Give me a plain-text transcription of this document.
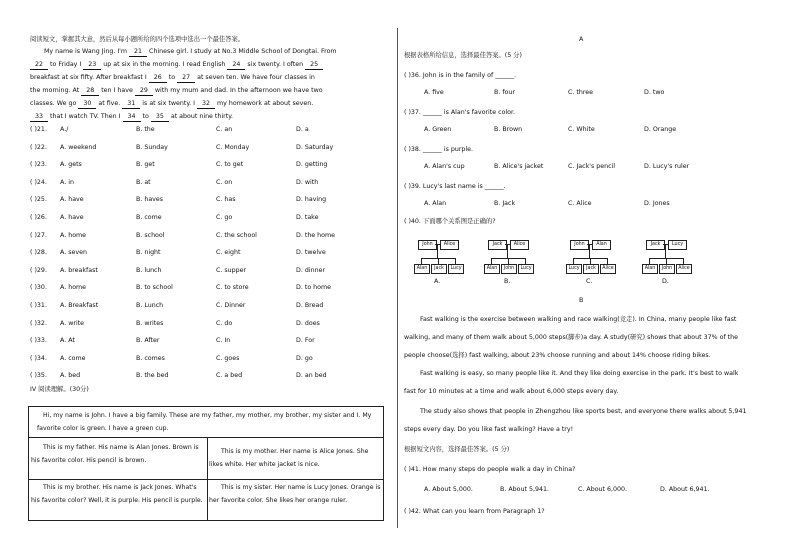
阅读短文，掌握其大意，然后从每小题所给的四个选项中选出一个最佳答案。
My name is Wang Jing. I'm 21 Chinese girl. I study at No.3 Middle School of Dongtai. From
22 to Friday I 23 up at six in the morning. I read English 24 six twenty. I often 25
breakfast at six fifty. After breakfast I 26 to 27 at seven ten. We have four classes in
the morning. At 28 ten I have 29 with my mum and dad. In the afternoon we have two
classes. We go 30 at five. 31 is at six twenty. I 32 my homework at about seven.
33 that I watch TV. Then I 34 to 35 at about nine thirty.
( )21. A./	B. the	C. an	D. a
( )22. A. weekend	B. Sunday	C. Monday	D. Saturday
( )23. A. gets	B. get	C. to get	D. getting
( )24. A. in	B. at	C. on	D. with
( )25. A. have	B. haves	C. has	D. having
( )26. A. have	B. come	C. go	D. take
( )27. A. home	B. school	C. the school	D. the home
( )28. A. seven	B. night	C. eight	D. twelve
( )29. A. breakfast	B. lunch	C. supper	D. dinner
( )30. A. home	B. to school	C. to store	D. to home
( )31. A. Breakfast	B. Lunch	C. Dinner	D. Bread
( )32. A. write	B. writes	C. do	D. does
( )33. A. At	B. After	C. In	D. For
( )34. A. come	B. comes	C. goes	D. go
( )35. A. bed	B. the bed	C. a bed	D. an bed
IV 阅读理解。(30分)
Hi, my name is John. I have a big family. These are my father, my mother, my brother, my sister and I. My favorite color is green. I have a green cup.
This is my father. His name is Alan Jones. Brown is his favorite color. His pencil is brown.
This is my mother. Her name is Alice Jones. She likes white. Her white jacket is nice.
This is my brother. His name is Jack Jones. What's his favorite color? Well, it is purple. His pencil is purple.
This is my sister. Her name is Lucy Jones. Orange is her favorite color. She likes her orange ruler.
A
根据表格所给信息，选择最佳答案。(5 分)
( )36. John is in the family of ______.
A. five	B. four	C. three	D. two
( )37. ______ is Alan's favorite color.
A. Green	B. Brown	C. White	D. Orange
( )38. ______ is purple.
A. Alan's cup	B. Alice's jacket	C. Jack's pencil	D. Lucy's ruler
( )39. Lucy's last name is ______.
A. Alan	B. Jack	C. Alice	D. Jones
( )40. 下面哪个关系图是正确的?
John	Alice
Alan	Jack	Lucy
A.
Jack	Alice
Alan	John	Lucy
B.
John	Alan
Lucy	Jack	Alice
C.
Jack	Lucy
Alan	John	Alice
D.
B
Fast walking is the exercise between walking and race walking(竞走). In China, many people like fast
walking, and many of them walk about 5,000 steps(脚步)a day. A study(研究) shows that about 37% of the
people choose(选择) fast walking, about 23% choose running and about 14% choose riding bikes.
Fast walking is easy, so many people like it. And they like doing exercise in the park. It's best to walk
fast for 10 minutes at a time and walk about 6,000 steps every day.
The study also shows that people in Zhengzhou like sports best, and everyone there walks about 5,941
steps every day. Do you like fast walking? Have a try!
根据短文内容，选择最佳答案。(5 分)
( )41. How many steps do people walk a day in China?
A. About 5,000.	B. About 5,941.	C. About 6,000.	D. About 6,941.
( )42. What can you learn from Paragraph 1?
